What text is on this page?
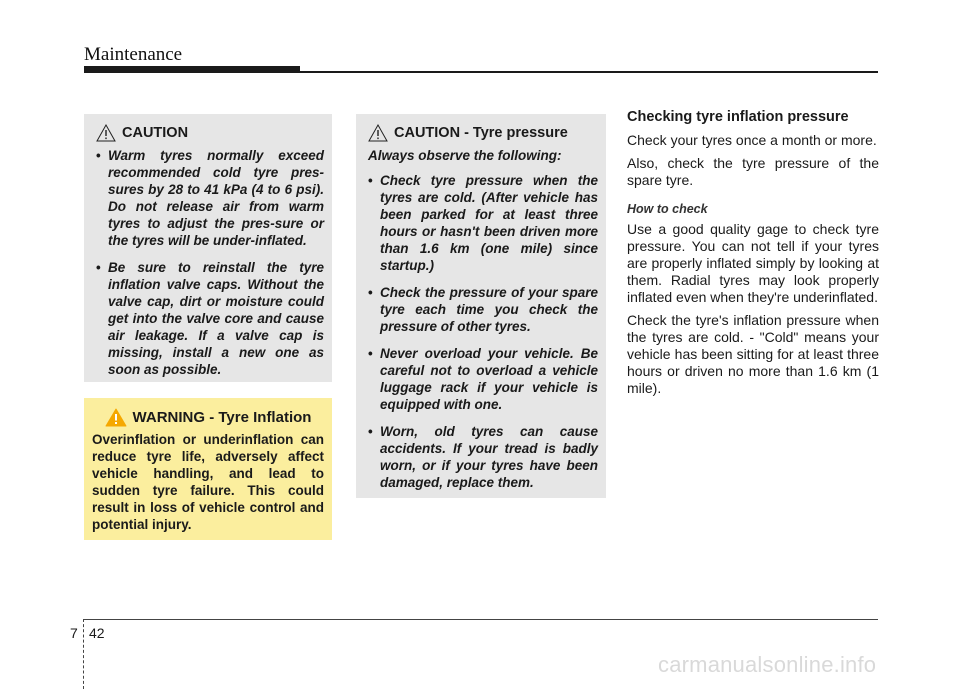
Maintenance
CAUTION
• Warm tyres normally exceed recommended cold tyre pres-sures by 28 to 41 kPa (4 to 6 psi). Do not release air from warm tyres to adjust the pres-sure or the tyres will be under-inflated.
• Be sure to reinstall the tyre inflation valve caps. Without the valve cap, dirt or moisture could get into the valve core and cause air leakage. If a valve cap is missing, install a new one as soon as possible.
WARNING - Tyre Inflation
Overinflation or underinflation can reduce tyre life, adversely affect vehicle handling, and lead to sudden tyre failure. This could result in loss of vehicle control and potential injury.
CAUTION - Tyre pressure
Always observe the following:
• Check tyre pressure when the tyres are cold. (After vehicle has been parked for at least three hours or hasn't been driven more than 1.6 km (one mile) since startup.)
• Check the pressure of your spare tyre each time you check the pressure of other tyres.
• Never overload your vehicle. Be careful not to overload a vehicle luggage rack if your vehicle is equipped with one.
• Worn, old tyres can cause accidents. If your tread is badly worn, or if your tyres have been damaged, replace them.
Checking tyre inflation pressure

Check your tyres once a month or more.

Also, check the tyre pressure of the spare tyre.

How to check

Use a good quality gage to check tyre pressure. You can not tell if your tyres are properly inflated simply by looking at them. Radial tyres may look properly inflated even when they're underinflated.

Check the tyre's inflation pressure when the tyres are cold. - "Cold" means your vehicle has been sitting for at least three hours or driven no more than 1.6 km (1 mile).

7 42
carmanualsonline.info
